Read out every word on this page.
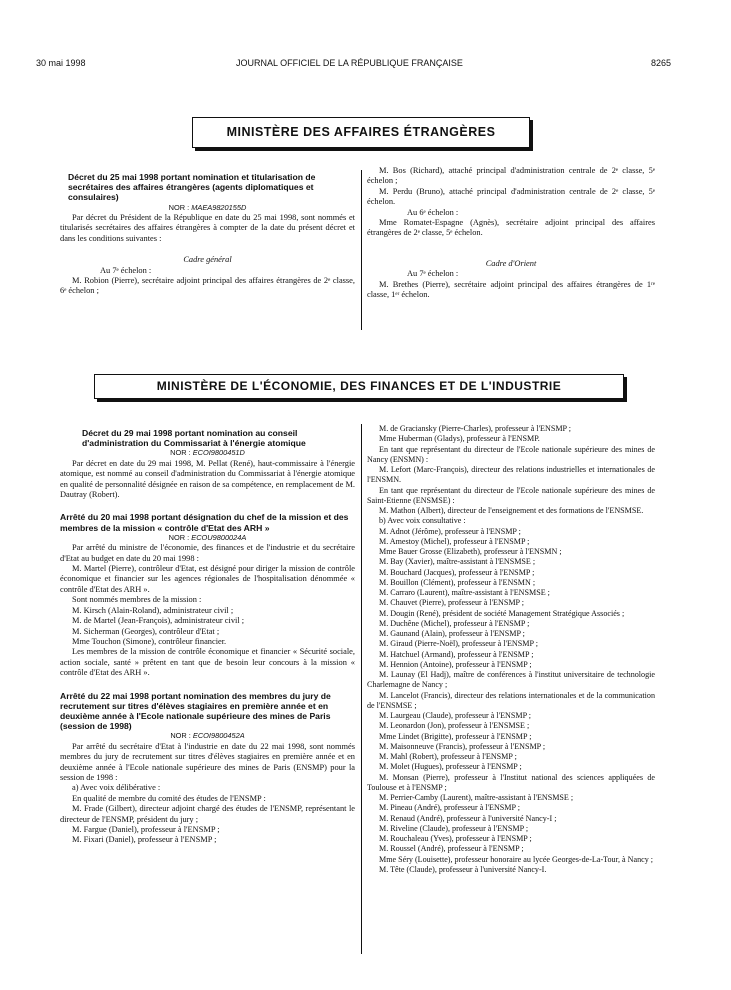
30 mai 1998	JOURNAL OFFICIEL DE LA RÉPUBLIQUE FRANÇAISE	8265
MINISTÈRE DES AFFAIRES ÉTRANGÈRES

Décret du 25 mai 1998 portant nomination et titularisation de secrétaires des affaires étrangères (agents diplomatiques et consulaires)

NOR : MAEA9820155D

Par décret du Président de la République en date du 25 mai 1998, sont nommés et titularisés secrétaires des affaires étrangères à compter de la date du présent décret et dans les conditions suivantes :

Cadre général

Au 7ᵉ échelon :

M. Robion (Pierre), secrétaire adjoint principal des affaires étrangères de 2ᵉ classe, 6ᵉ échelon ;

M. Bos (Richard), attaché principal d'administration centrale de 2ᵉ classe, 5ᵉ échelon ;

M. Perdu (Bruno), attaché principal d'administration centrale de 2ᵉ classe, 5ᵉ échelon.

Au 6ᵉ échelon :

Mme Romatet-Espagne (Agnès), secrétaire adjoint principal des affaires étrangères de 2ᵉ classe, 5ᵉ échelon.

Cadre d'Orient

Au 7ᵉ échelon :

M. Brethes (Pierre), secrétaire adjoint principal des affaires étrangères de 1ʳᵉ classe, 1ᵉʳ échelon.

MINISTÈRE DE L'ÉCONOMIE, DES FINANCES ET DE L'INDUSTRIE

Décret du 29 mai 1998 portant nomination au conseil d'administration du Commissariat à l'énergie atomique

NOR : ECOI9800451D

Par décret en date du 29 mai 1998, M. Pellat (René), haut-commissaire à l'énergie atomique, est nommé au conseil d'administration du Commissariat à l'énergie atomique en qualité de personnalité désignée en raison de sa compétence, en remplacement de M. Dautray (Robert).

Arrêté du 20 mai 1998 portant désignation du chef de la mission et des membres de la mission « contrôle d'Etat des ARH »

NOR : ECOU9800024A

Par arrêté du ministre de l'économie, des finances et de l'industrie et du secrétaire d'Etat au budget en date du 20 mai 1998 :

M. Martel (Pierre), contrôleur d'Etat, est désigné pour diriger la mission de contrôle économique et financier sur les agences régionales de l'hospitalisation dénommée « contrôle d'Etat des ARH ».

Sont nommés membres de la mission :

M. Kirsch (Alain-Roland), administrateur civil ;

M. de Martel (Jean-François), administrateur civil ;

M. Sicherman (Georges), contrôleur d'Etat ;

Mme Touchon (Simone), contrôleur financier.

Les membres de la mission de contrôle économique et financier « Sécurité sociale, action sociale, santé » prêtent en tant que de besoin leur concours à la mission « contrôle d'Etat des ARH ».

Arrêté du 22 mai 1998 portant nomination des membres du jury de recrutement sur titres d'élèves stagiaires en première année et en deuxième année à l'Ecole nationale supérieure des mines de Paris (session de 1998)

NOR : ECOI9800452A

Par arrêté du secrétaire d'Etat à l'industrie en date du 22 mai 1998, sont nommés membres du jury de recrutement sur titres d'élèves stagiaires en première année et en deuxième année à l'Ecole nationale supérieure des mines de Paris (ENSMP) pour la session de 1998 :

a) Avec voix délibérative :

En qualité de membre du comité des études de l'ENSMP :

M. Frade (Gilbert), directeur adjoint chargé des études de l'ENSMP, représentant le directeur de l'ENSMP, président du jury ;

M. Fargue (Daniel), professeur à l'ENSMP ;

M. Fixari (Daniel), professeur à l'ENSMP ;

M. de Graciansky (Pierre-Charles), professeur à l'ENSMP ;

Mme Huberman (Gladys), professeur à l'ENSMP.

En tant que représentant du directeur de l'Ecole nationale supérieure des mines de Nancy (ENSMN) :

M. Lefort (Marc-François), directeur des relations industrielles et internationales de l'ENSMN.

En tant que représentant du directeur de l'Ecole nationale supérieure des mines de Saint-Etienne (ENSMSE) :

M. Mathon (Albert), directeur de l'enseignement et des formations de l'ENSMSE.

b) Avec voix consultative :

M. Adnot (Jérôme), professeur à l'ENSMP ;

M. Amestoy (Michel), professeur à l'ENSMP ;

Mme Bauer Grosse (Elizabeth), professeur à l'ENSMN ;

M. Bay (Xavier), maître-assistant à l'ENSMSE ;

M. Bouchard (Jacques), professeur à l'ENSMP ;

M. Bouillon (Clément), professeur à l'ENSMN ;

M. Carraro (Laurent), maître-assistant à l'ENSMSE ;

M. Chauvet (Pierre), professeur à l'ENSMP ;

M. Dougin (René), président de société Management Stratégique Associés ;

M. Duchêne (Michel), professeur à l'ENSMP ;

M. Gaunand (Alain), professeur à l'ENSMP ;

M. Giraud (Pierre-Noël), professeur à l'ENSMP ;

M. Hatchuel (Armand), professeur à l'ENSMP ;

M. Hennion (Antoine), professeur à l'ENSMP ;

M. Launay (El Hadj), maître de conférences à l'institut universitaire de technologie Charlemagne de Nancy ;

M. Lancelot (Francis), directeur des relations internationales et de la communication de l'ENSMSE ;

M. Laurgeau (Claude), professeur à l'ENSMP ;

M. Leonardon (Jon), professeur à l'ENSMSE ;

Mme Lindet (Brigitte), professeur à l'ENSMP ;

M. Maisonneuve (Francis), professeur à l'ENSMP ;

M. Mahl (Robert), professeur à l'ENSMP ;

M. Molet (Hugues), professeur à l'ENSMP ;

M. Monsan (Pierre), professeur à l'Institut national des sciences appliquées de Toulouse et à l'ENSMP ;

M. Perrier-Camby (Laurent), maître-assistant à l'ENSMSE ;

M. Pineau (André), professeur à l'ENSMP ;

M. Renaud (André), professeur à l'université Nancy-I ;

M. Riveline (Claude), professeur à l'ENSMP ;

M. Rouchaleau (Yves), professeur à l'ENSMP ;

M. Roussel (André), professeur à l'ENSMP ;

Mme Séry (Louisette), professeur honoraire au lycée Georges-de-La-Tour, à Nancy ;

M. Tête (Claude), professeur à l'université Nancy-I.
